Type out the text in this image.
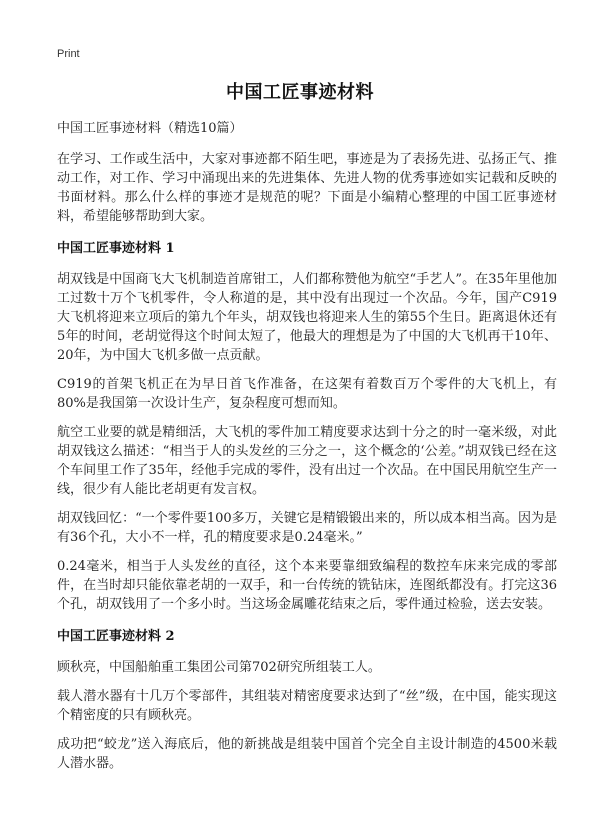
Print
中国工匠事迹材料
中国工匠事迹材料（精选10篇）

在学习、工作或生活中，大家对事迹都不陌生吧，事迹是为了表扬先进、弘扬正气、推动工作，对工作、学习中涌现出来的先进集体、先进人物的优秀事迹如实记载和反映的书面材料。那么什么样的事迹才是规范的呢？下面是小编精心整理的中国工匠事迹材料，希望能够帮助到大家。

中国工匠事迹材料 1

胡双钱是中国商飞大飞机制造首席钳工，人们都称赞他为航空“手艺人”。在35年里他加工过数十万个飞机零件，令人称道的是，其中没有出现过一个次品。今年，国产C919大飞机将迎来立项后的第九个年头，胡双钱也将迎来人生的第55个生日。距离退休还有5年的时间，老胡觉得这个时间太短了，他最大的理想是为了中国的大飞机再干10年、20年，为中国大飞机多做一点贡献。

C919的首架飞机正在为早日首飞作准备，在这架有着数百万个零件的大飞机上，有80%是我国第一次设计生产，复杂程度可想而知。

航空工业要的就是精细活，大飞机的零件加工精度要求达到十分之的时一毫米级，对此胡双钱这么描述：“相当于人的头发丝的三分之一，这个概念的‘公差。”胡双钱已经在这个车间里工作了35年，经他手完成的零件，没有出过一个次品。在中国民用航空生产一线，很少有人能比老胡更有发言权。

胡双钱回忆：“一个零件要100多万，关键它是精锻锻出来的，所以成本相当高。因为是有36个孔，大小不一样，孔的精度要求是0.24毫米。”

0.24毫米，相当于人头发丝的直径，这个本来要靠细致编程的数控车床来完成的零部件，在当时却只能依靠老胡的一双手，和一台传统的铣钻床，连图纸都没有。打完这36个孔，胡双钱用了一个多小时。当这场金属雕花结束之后，零件通过检验，送去安装。

中国工匠事迹材料 2

顾秋亮，中国船舶重工集团公司第702研究所组装工人。

载人潜水器有十几万个零部件，其组装对精密度要求达到了“丝”级，在中国，能实现这个精密度的只有顾秋亮。

成功把“蛟龙”送入海底后，他的新挑战是组装中国首个完全自主设计制造的4500米载人潜水器。
